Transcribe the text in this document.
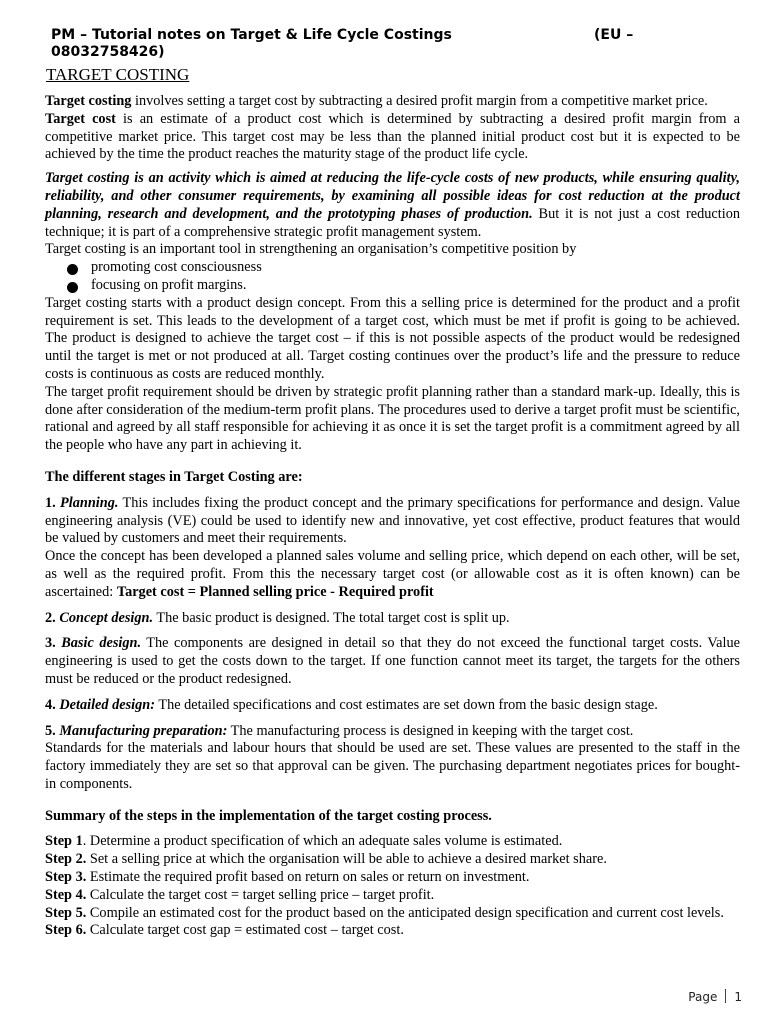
PM – Tutorial notes on Target & Life Cycle Costings	(EU –
08032758426)
TARGET COSTING

Target costing involves setting a target cost by subtracting a desired profit margin from a competitive market price.

Target cost is an estimate of a product cost which is determined by subtracting a desired profit margin from a competitive market price. This target cost may be less than the planned initial product cost but it is expected to be achieved by the time the product reaches the maturity stage of the product life cycle.

Target costing is an activity which is aimed at reducing the life-cycle costs of new products, while ensuring quality, reliability, and other consumer requirements, by examining all possible ideas for cost reduction at the product planning, research and development, and the prototyping phases of production. But it is not just a cost reduction technique; it is part of a comprehensive strategic profit management system.

Target costing is an important tool in strengthening an organisation’s competitive position by

promoting cost consciousness
focusing on profit margins.

Target costing starts with a product design concept. From this a selling price is determined for the product and a profit requirement is set. This leads to the development of a target cost, which must be met if profit is going to be achieved. The product is designed to achieve the target cost – if this is not possible aspects of the product would be redesigned until the target is met or not produced at all. Target costing continues over the product’s life and the pressure to reduce costs is continuous as costs are reduced monthly.

The target profit requirement should be driven by strategic profit planning rather than a standard mark-up. Ideally, this is done after consideration of the medium-term profit plans. The procedures used to derive a target profit must be scientific, rational and agreed by all staff responsible for achieving it as once it is set the target profit is a commitment agreed by all the people who have any part in achieving it.

The different stages in Target Costing are:

1. Planning. This includes fixing the product concept and the primary specifications for performance and design. Value engineering analysis (VE) could be used to identify new and innovative, yet cost effective, product features that would be valued by customers and meet their requirements.

Once the concept has been developed a planned sales volume and selling price, which depend on each other, will be set, as well as the required profit. From this the necessary target cost (or allowable cost as it is often known) can be ascertained: Target cost = Planned selling price - Required profit

2. Concept design. The basic product is designed. The total target cost is split up.

3. Basic design. The components are designed in detail so that they do not exceed the functional target costs. Value engineering is used to get the costs down to the target. If one function cannot meet its target, the targets for the others must be reduced or the product redesigned.

4. Detailed design: The detailed specifications and cost estimates are set down from the basic design stage.

5. Manufacturing preparation: The manufacturing process is designed in keeping with the target cost.

Standards for the materials and labour hours that should be used are set. These values are presented to the staff in the factory immediately they are set so that approval can be given. The purchasing department negotiates prices for bought-in components.

Summary of the steps in the implementation of the target costing process.

Step 1. Determine a product specification of which an adequate sales volume is estimated.

Step 2. Set a selling price at which the organisation will be able to achieve a desired market share.

Step 3. Estimate the required profit based on return on sales or return on investment.

Step 4. Calculate the target cost = target selling price – target profit.

Step 5. Compile an estimated cost for the product based on the anticipated design specification and current cost levels.

Step 6. Calculate target cost gap = estimated cost – target cost.

Page 1
